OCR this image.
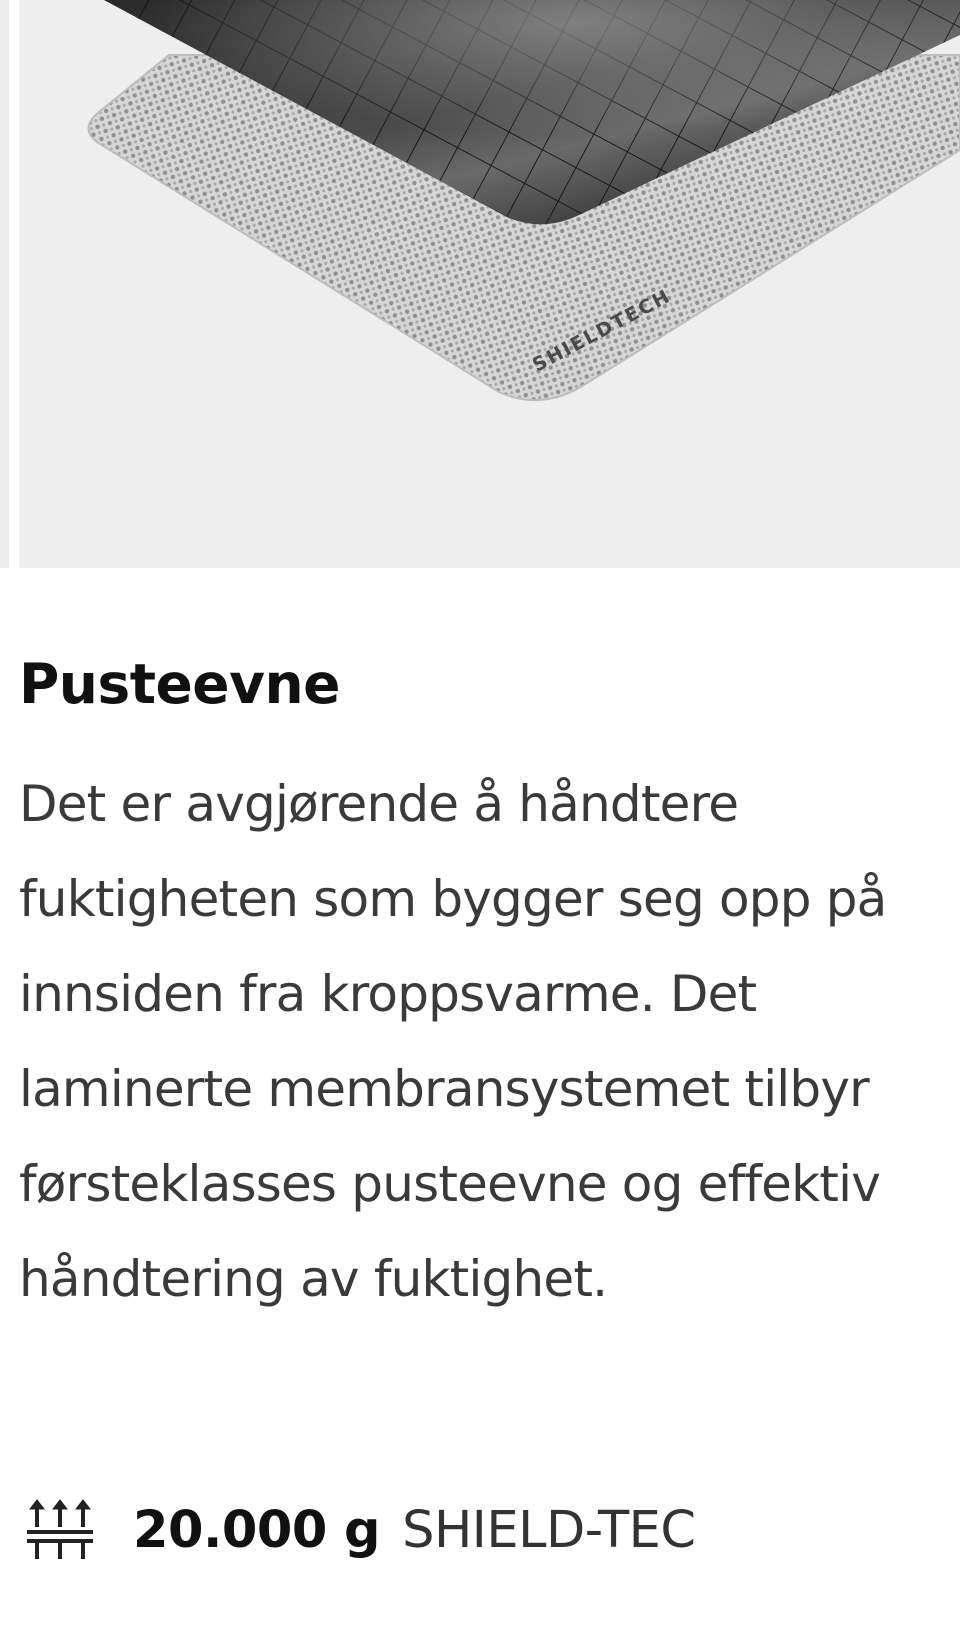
SHIELDTECH
Pusteevne

Det er avgjørende å håndtere fuktigheten som bygger seg opp på innsiden fra kroppsvarme. Det laminerte membransystemet tilbyr førsteklasses pusteevne og effektiv håndtering av fuktighet.

20.000 g SHIELD-TEC
